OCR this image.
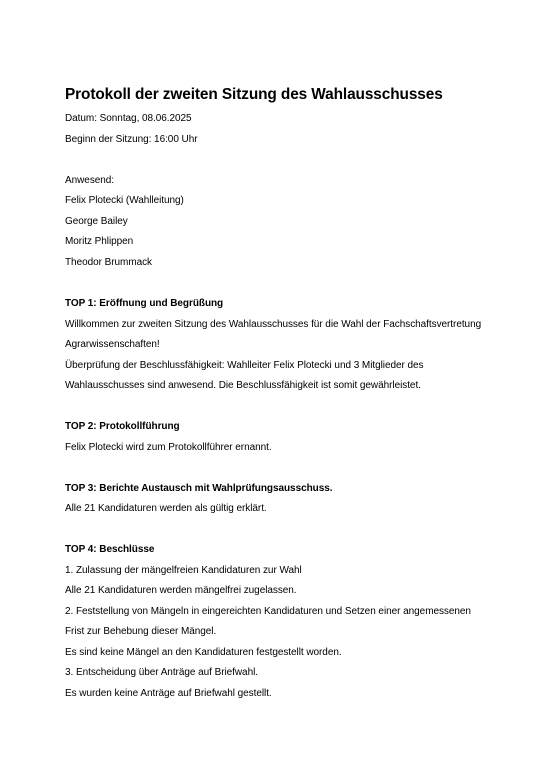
Protokoll der zweiten Sitzung des Wahlausschusses

Datum: Sonntag, 08.06.2025

Beginn der Sitzung: 16:00 Uhr

Anwesend:

Felix Plotecki (Wahlleitung)

George Bailey

Moritz Phlippen

Theodor Brummack

TOP 1: Eröffnung und Begrüßung

Willkommen zur zweiten Sitzung des Wahlausschusses für die Wahl der Fachschaftsvertretung

Agrarwissenschaften!

Überprüfung der Beschlussfähigkeit: Wahlleiter Felix Plotecki und 3 Mitglieder des

Wahlausschusses sind anwesend. Die Beschlussfähigkeit ist somit gewährleistet.

TOP 2: Protokollführung

Felix Plotecki wird zum Protokollführer ernannt.

TOP 3: Berichte Austausch mit Wahlprüfungsausschuss.

Alle 21 Kandidaturen werden als gültig erklärt.

TOP 4: Beschlüsse

1. Zulassung der mängelfreien Kandidaturen zur Wahl

Alle 21 Kandidaturen werden mängelfrei zugelassen.

2. Feststellung von Mängeln in eingereichten Kandidaturen und Setzen einer angemessenen

Frist zur Behebung dieser Mängel.

Es sind keine Mängel an den Kandidaturen festgestellt worden.

3. Entscheidung über Anträge auf Briefwahl.

Es wurden keine Anträge auf Briefwahl gestellt.
